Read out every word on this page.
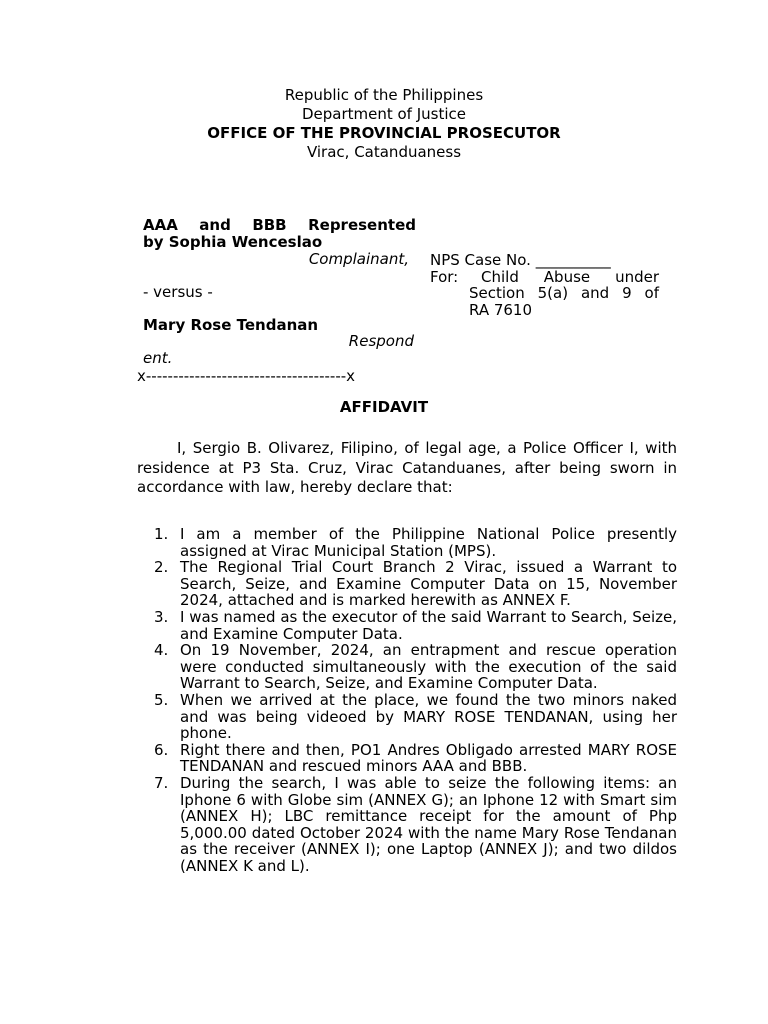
Republic of the Philippines
Department of Justice
OFFICE OF THE PROVINCIAL PROSECUTOR
Virac, Catanduaness
AAA and BBB Represented
by Sophia Wenceslao
Complainant,
- versus -
Mary Rose Tendanan
Respond
ent.
x-------------------------------------x
NPS Case No. __________
For: Child Abuse under
Section 5(a) and 9 of
RA 7610
AFFIDAVIT
I, Sergio B. Olivarez, Filipino, of legal age, a Police Officer I, with residence at P3 Sta. Cruz, Virac Catanduanes, after being sworn in accordance with law, hereby declare that:
1. I am a member of the Philippine National Police presently assigned at Virac Municipal Station (MPS).
2. The Regional Trial Court Branch 2 Virac, issued a Warrant to Search, Seize, and Examine Computer Data on 15, November 2024, attached and is marked herewith as ANNEX F.
3. I was named as the executor of the said Warrant to Search, Seize, and Examine Computer Data.
4. On 19 November, 2024, an entrapment and rescue operation were conducted simultaneously with the execution of the said Warrant to Search, Seize, and Examine Computer Data.
5. When we arrived at the place, we found the two minors naked and was being videoed by MARY ROSE TENDANAN, using her phone.
6. Right there and then, PO1 Andres Obligado arrested MARY ROSE TENDANAN and rescued minors AAA and BBB.
7. During the search, I was able to seize the following items: an Iphone 6 with Globe sim (ANNEX G); an Iphone 12 with Smart sim (ANNEX H); LBC remittance receipt for the amount of Php 5,000.00 dated October 2024 with the name Mary Rose Tendanan as the receiver (ANNEX I); one Laptop (ANNEX J); and two dildos (ANNEX K and L).
